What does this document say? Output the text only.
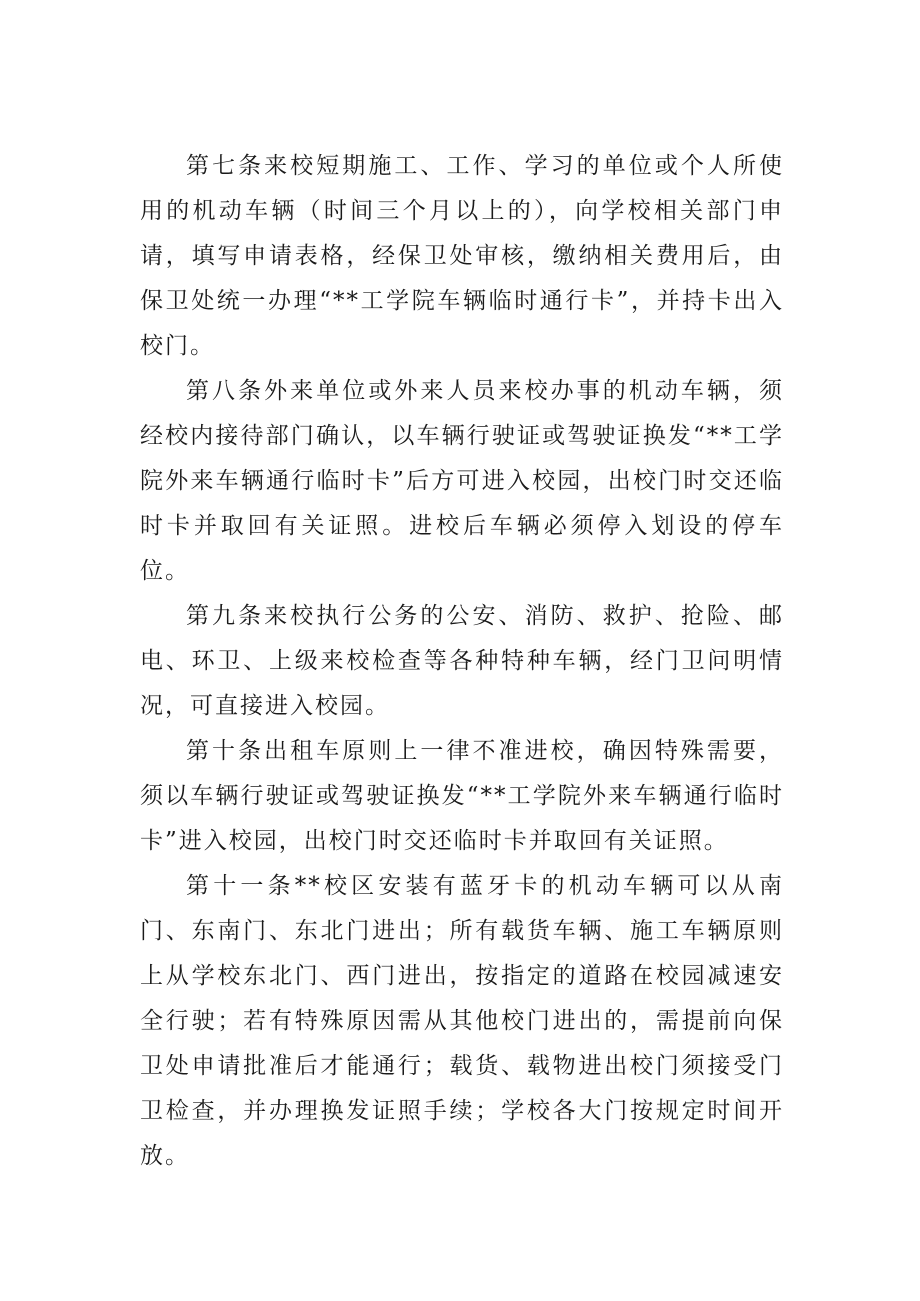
第七条来校短期施工、工作、学习的单位或个人所使用的机动车辆（时间三个月以上的），向学校相关部门申请，填写申请表格，经保卫处审核，缴纳相关费用后，由保卫处统一办理“**工学院车辆临时通行卡”，并持卡出入校门。

第八条外来单位或外来人员来校办事的机动车辆，须经校内接待部门确认，以车辆行驶证或驾驶证换发“**工学院外来车辆通行临时卡”后方可进入校园，出校门时交还临时卡并取回有关证照。进校后车辆必须停入划设的停车位。

第九条来校执行公务的公安、消防、救护、抢险、邮电、环卫、上级来校检查等各种特种车辆，经门卫问明情况，可直接进入校园。

第十条出租车原则上一律不准进校，确因特殊需要，须以车辆行驶证或驾驶证换发“**工学院外来车辆通行临时卡”进入校园，出校门时交还临时卡并取回有关证照。

第十一条**校区安装有蓝牙卡的机动车辆可以从南门、东南门、东北门进出；所有载货车辆、施工车辆原则上从学校东北门、西门进出，按指定的道路在校园减速安全行驶；若有特殊原因需从其他校门进出的，需提前向保卫处申请批准后才能通行；载货、载物进出校门须接受门卫检查，并办理换发证照手续；学校各大门按规定时间开放。
